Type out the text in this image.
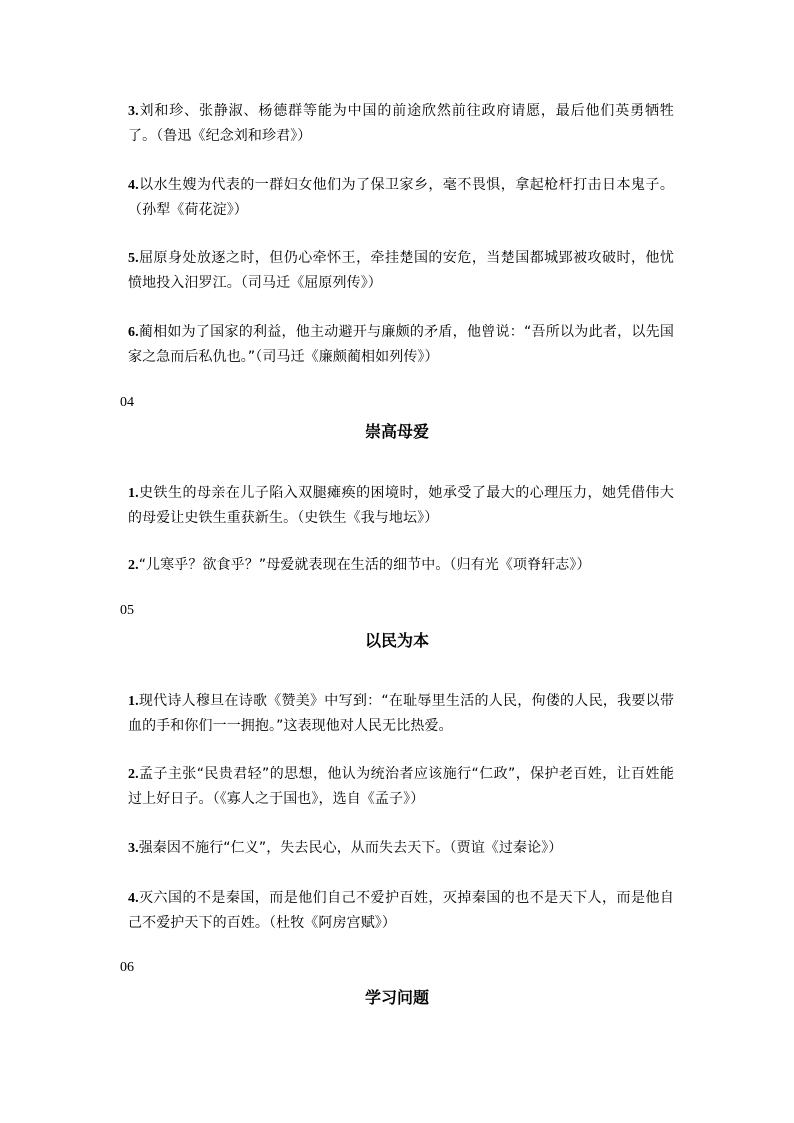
3.刘和珍、张静淑、杨德群等能为中国的前途欣然前往政府请愿，最后他们英勇牺牲了。（鲁迅《纪念刘和珍君》）

4.以水生嫂为代表的一群妇女他们为了保卫家乡，毫不畏惧，拿起枪杆打击日本鬼子。（孙犁《荷花淀》）

5.屈原身处放逐之时，但仍心牵怀王，牵挂楚国的安危，当楚国都城郢被攻破时，他忧愤地投入汨罗江。（司马迁《屈原列传》）

6.蔺相如为了国家的利益，他主动避开与廉颇的矛盾，他曾说：“吾所以为此者，以先国家之急而后私仇也。”（司马迁《廉颇蔺相如列传》）

04
崇高母爱

1.史铁生的母亲在儿子陷入双腿瘫痪的困境时，她承受了最大的心理压力，她凭借伟大的母爱让史铁生重获新生。（史铁生《我与地坛》）

2.“儿寒乎？欲食乎？”母爱就表现在生活的细节中。（归有光《项脊轩志》）

05
以民为本

1.现代诗人穆旦在诗歌《赞美》中写到：“在耻辱里生活的人民，佝偻的人民，我要以带血的手和你们一一拥抱。”这表现他对人民无比热爱。

2.孟子主张“民贵君轻”的思想，他认为统治者应该施行“仁政”，保护老百姓，让百姓能过上好日子。（《寡人之于国也》，选自《孟子》）

3.强秦因不施行“仁义”，失去民心，从而失去天下。（贾谊《过秦论》）

4.灭六国的不是秦国，而是他们自己不爱护百姓，灭掉秦国的也不是天下人，而是他自己不爱护天下的百姓。（杜牧《阿房宫赋》）

06
学习问题
